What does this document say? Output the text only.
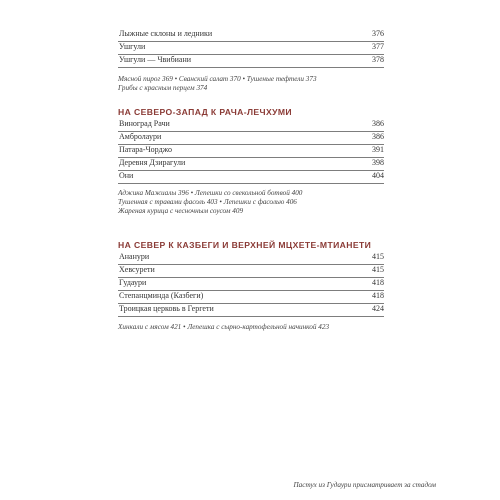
Лыжные склоны и ледники	376
Ушгули	377
Ушгули — Чвибиани	378
Мясной пирог 369 • Сванский салат 370 • Тушеные тефтели 373
Грибы с красным перцем 374
НА СЕВЕРО-ЗАПАД К РАЧА-ЛЕЧХУМИ
Виноград Рачи	386
Амбролаури	386
Патара-Чорджо	391
Деревня Дзирагули	398
Они	404
Аджика Мажиалы 396 • Лепешки со свекольной ботвой 400
Тушенная с травами фасоль 403 • Лепешки с фасолью 406
Жареная курица с чесночным соусом 409
НА СЕВЕР К КАЗБЕГИ И ВЕРХНЕЙ МЦХЕТЕ-МТИАНЕТИ
Ананури	415
Хевсурети	415
Гудаури	418
Степанцминда (Казбеги)	418
Троицкая церковь в Гергети	424
Хинкали с мясом 421 • Лепешка с сырно-картофельной начинкой 423
Пастух из Гудаури присматривает за стадом
